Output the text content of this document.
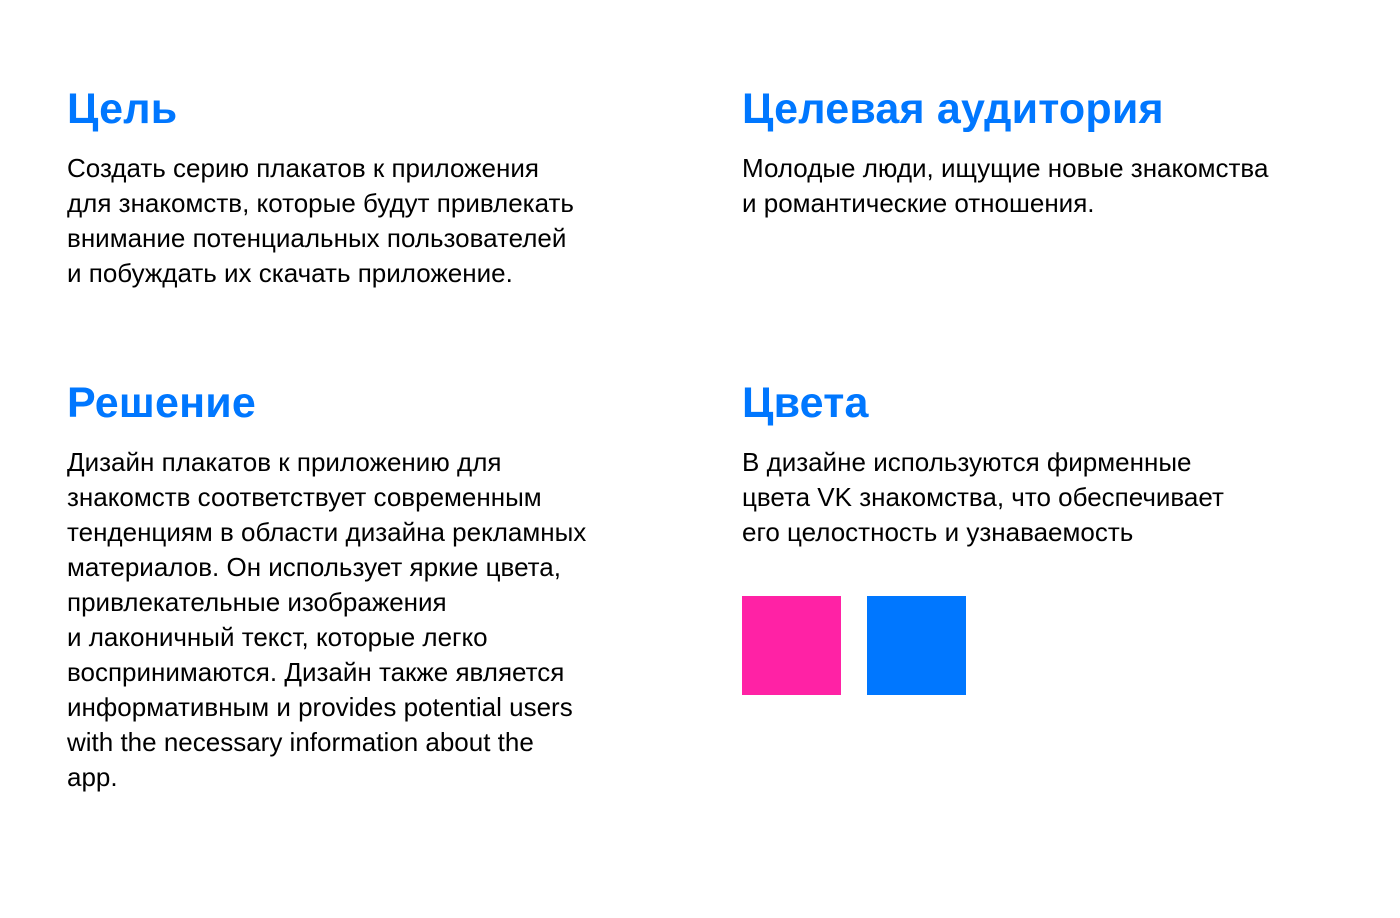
Цель

Создать серию плакатов к приложения
для знакомств, которые будут привлекать
внимание потенциальных пользователей
и побуждать их скачать приложение.

Целевая аудитория

Молодые люди, ищущие новые знакомства
и романтические отношения.

Решение

Дизайн плакатов к приложению для
знакомств соответствует современным
тенденциям в области дизайна рекламных
материалов. Он использует яркие цвета,
привлекательные изображения
и лаконичный текст, которые легко
воспринимаются. Дизайн также является
информативным и provides potential users
with the necessary information about the
app.

Цвета

В дизайне используются фирменные
цвета VK знакомства, что обеспечивает
его целостность и узнаваемость
